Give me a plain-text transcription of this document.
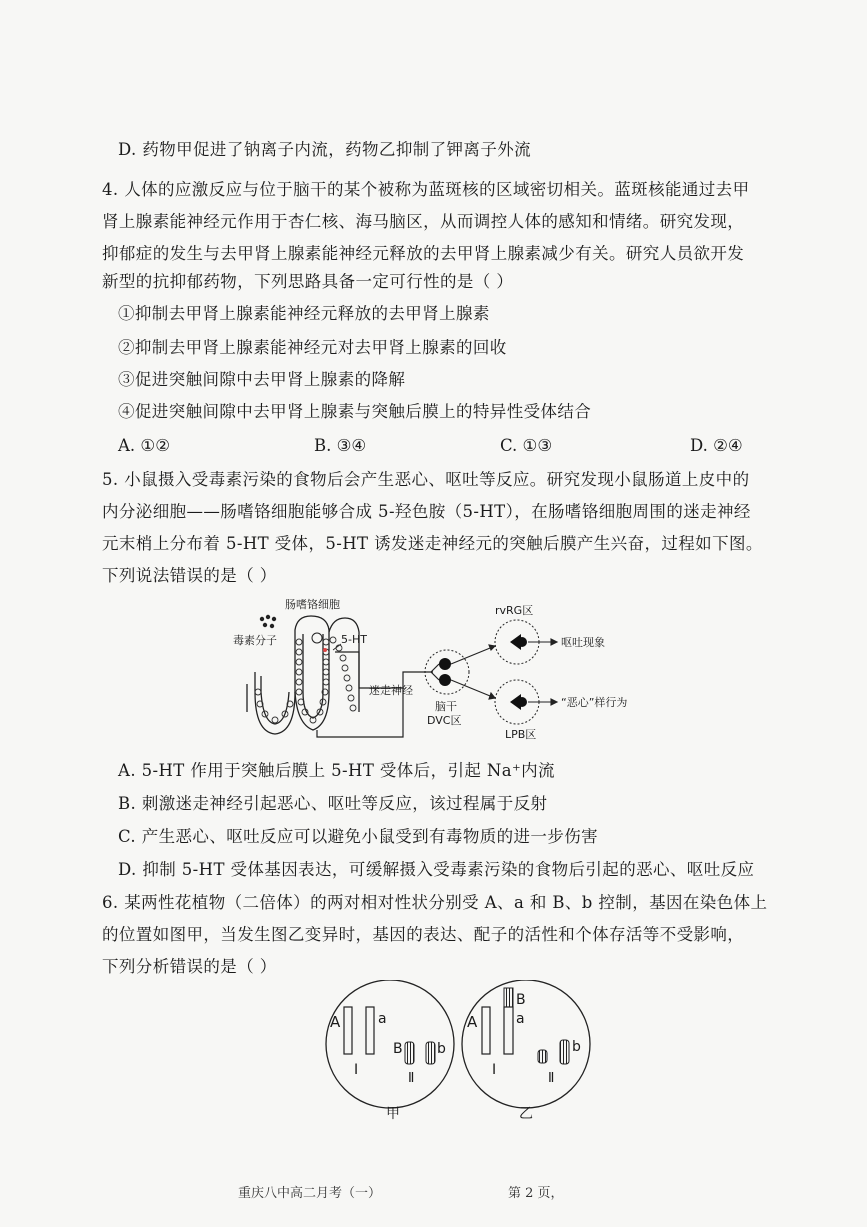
D. 药物甲促进了钠离子内流，药物乙抑制了钾离子外流
4. 人体的应激反应与位于脑干的某个被称为蓝斑核的区域密切相关。蓝斑核能通过去甲
肾上腺素能神经元作用于杏仁核、海马脑区，从而调控人体的感知和情绪。研究发现，
抑郁症的发生与去甲肾上腺素能神经元释放的去甲肾上腺素减少有关。研究人员欲开发
新型的抗抑郁药物，下列思路具备一定可行性的是（ ）
①抑制去甲肾上腺素能神经元释放的去甲肾上腺素
②抑制去甲肾上腺素能神经元对去甲肾上腺素的回收
③促进突触间隙中去甲肾上腺素的降解
④促进突触间隙中去甲肾上腺素与突触后膜上的特异性受体结合
A. ①②	B. ③④	C. ①③	D. ②④
5. 小鼠摄入受毒素污染的食物后会产生恶心、呕吐等反应。研究发现小鼠肠道上皮中的
内分泌细胞——肠嗜铬细胞能够合成 5-羟色胺（5-HT），在肠嗜铬细胞周围的迷走神经
元末梢上分布着 5-HT 受体，5-HT 诱发迷走神经元的突触后膜产生兴奋，过程如下图。
下列说法错误的是（ ）
肠嗜铬细胞
毒素分子	5-HT
迷走神经
脑干
DVC区
rvRG区
LPB区
呕吐现象
“恶心”样行为
A. 5-HT 作用于突触后膜上 5-HT 受体后，引起 Na⁺内流
B. 刺激迷走神经引起恶心、呕吐等反应，该过程属于反射
C. 产生恶心、呕吐反应可以避免小鼠受到有毒物质的进一步伤害
D. 抑制 5-HT 受体基因表达，可缓解摄入受毒素污染的食物后引起的恶心、呕吐反应
6. 某两性花植物（二倍体）的两对相对性状分别受 A、a 和 B、b 控制，基因在染色体上
的位置如图甲，当发生图乙变异时，基因的表达、配子的活性和个体存活等不受影响，
下列分析错误的是（ ）
A	a
B b
I
Ⅱ
甲
A
B
a
b
I
Ⅱ
乙
重庆八中高二月考（一）	第 2 页，
